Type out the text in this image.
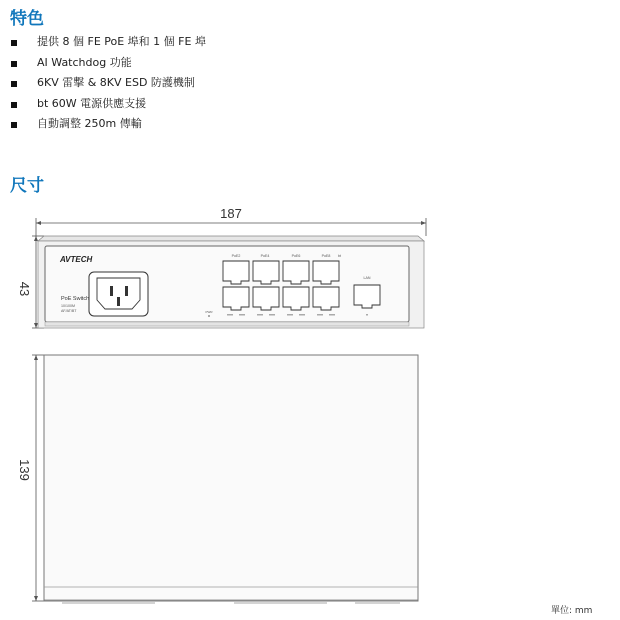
特色
提供 8 個 FE PoE 埠和 1 個 FE 埠
AI Watchdog 功能
6KV 雷擊 & 8KV ESD 防護機制
bt 60W 電源供應支援
自動調整 250m 傳輸
尺寸
187
43
AVTECH
PoE Switch
10/100M
AF/AT/BT
PoE2	PoE4	PoE6	PoE8 bt
LAN
PWR
139
單位: mm
